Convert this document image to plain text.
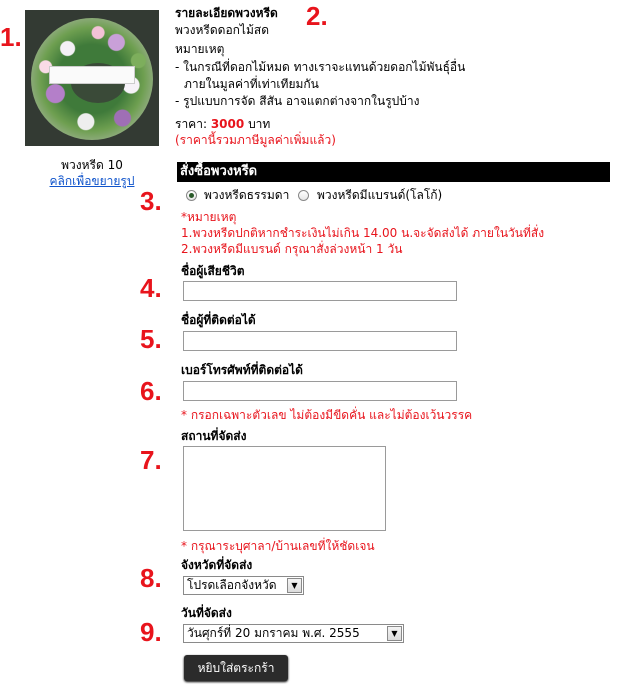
1.
2.
3.
4.
5.
6.
7.
8.
9.
พวงหรีด 10
คลิกเพื่อขยายรูป
รายละเอียดพวงหรีด
พวงหรีดดอกไม้สด
หมายเหตุ
- ในกรณีที่ดอกไม้หมด ทางเราจะแทนด้วยดอกไม้พันธุ์อื่น
ภายในมูลค่าที่เท่าเทียมกัน
- รูปแบบการจัด สีสัน อาจแตกต่างจากในรูปบ้าง
ราคา: 3000 บาท
(ราคานี้รวมภาษีมูลค่าเพิ่มแล้ว)
สั่งซื้อพวงหรีด
พวงหรีดธรรมดา พวงหรีดมีแบรนด์(โลโก้)
*หมายเหตุ
1.พวงหรีดปกติหากชำระเงินไม่เกิน 14.00 น.จะจัดส่งได้ ภายในวันที่สั่ง
2.พวงหรีดมีแบรนด์ กรุณาสั่งล่วงหน้า 1 วัน
ชื่อผู้เสียชีวิต
ชื่อผู้ที่ติดต่อได้
เบอร์โทรศัพท์ที่ติดต่อได้
* กรอกเฉพาะตัวเลข ไม่ต้องมีขีดคั่น และไม่ต้องเว้นวรรค
สถานที่จัดส่ง
* กรุณาระบุศาลา/บ้านเลขที่ให้ชัดเจน
จังหวัดที่จัดส่ง
โปรดเลือกจังหวัด	▼
วันที่จัดส่ง
วันศุกร์ที่ 20 มกราคม พ.ศ. 2555	▼
หยิบใส่ตระกร้า
